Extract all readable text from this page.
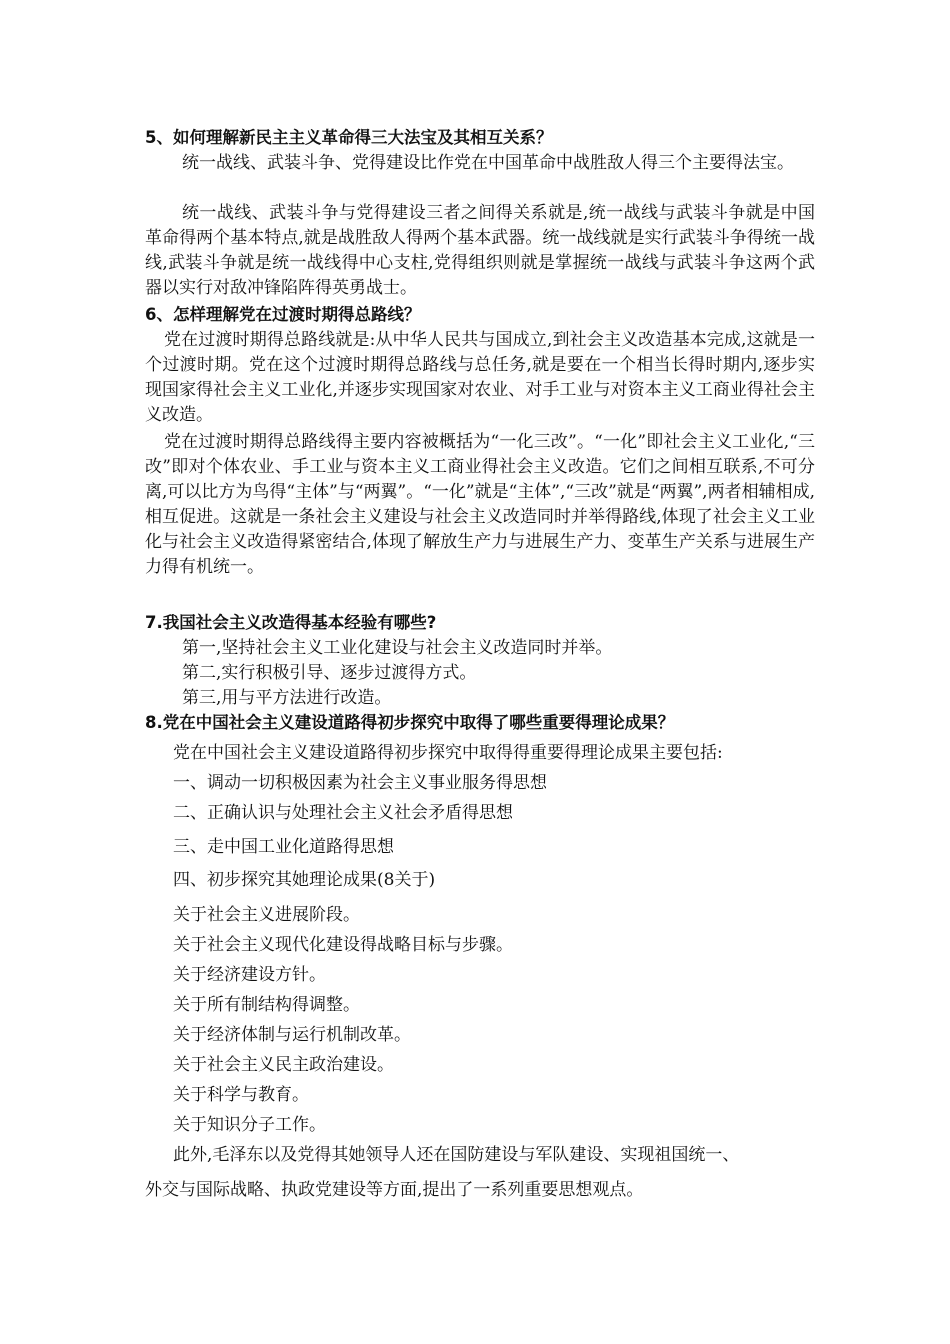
5、如何理解新民主主义革命得三大法宝及其相互关系？
统一战线、武装斗争、党得建设比作党在中国革命中战胜敌人得三个主要得法宝。
统一战线、武装斗争与党得建设三者之间得关系就是,统一战线与武装斗争就是中国革命得两个基本特点,就是战胜敌人得两个基本武器。统一战线就是实行武装斗争得统一战线,武装斗争就是统一战线得中心支柱,党得组织则就是掌握统一战线与武装斗争这两个武器以实行对敌冲锋陷阵得英勇战士。
6、怎样理解党在过渡时期得总路线？
党在过渡时期得总路线就是:从中华人民共与国成立,到社会主义改造基本完成,这就是一个过渡时期。党在这个过渡时期得总路线与总任务,就是要在一个相当长得时期内,逐步实现国家得社会主义工业化,并逐步实现国家对农业、对手工业与对资本主义工商业得社会主义改造。
党在过渡时期得总路线得主要内容被概括为“一化三改”。“一化”即社会主义工业化,“三改”即对个体农业、手工业与资本主义工商业得社会主义改造。它们之间相互联系,不可分离,可以比方为鸟得“主体”与“两翼”。“一化”就是“主体”,“三改”就是“两翼”,两者相辅相成,相互促进。这就是一条社会主义建设与社会主义改造同时并举得路线,体现了社会主义工业化与社会主义改造得紧密结合,体现了解放生产力与进展生产力、变革生产关系与进展生产力得有机统一。
7.我国社会主义改造得基本经验有哪些?
第一,坚持社会主义工业化建设与社会主义改造同时并举。
第二,实行积极引导、逐步过渡得方式。
第三,用与平方法进行改造。
8.党在中国社会主义建设道路得初步探究中取得了哪些重要得理论成果？
党在中国社会主义建设道路得初步探究中取得得重要得理论成果主要包括:
一、调动一切积极因素为社会主义事业服务得思想
二、正确认识与处理社会主义社会矛盾得思想
三、走中国工业化道路得思想
四、初步探究其她理论成果(8关于)
关于社会主义进展阶段。
关于社会主义现代化建设得战略目标与步骤。
关于经济建设方针。
关于所有制结构得调整。
关于经济体制与运行机制改革。
关于社会主义民主政治建设。
关于科学与教育。
关于知识分子工作。
此外,毛泽东以及党得其她领导人还在国防建设与军队建设、实现祖国统一、
外交与国际战略、执政党建设等方面,提出了一系列重要思想观点。
